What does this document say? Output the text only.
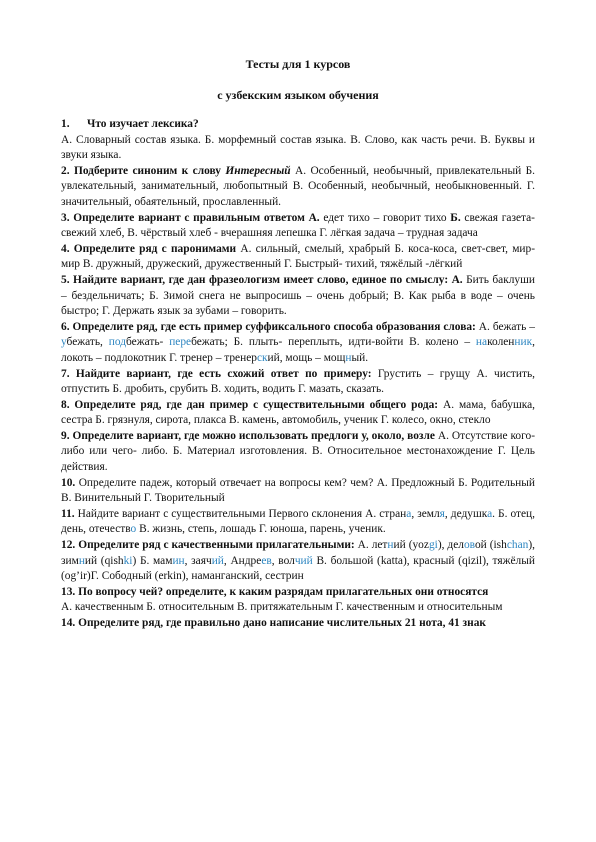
Тесты для 1 курсов
с узбекским языком обучения

1. Что изучает лексика?

А. Словарный состав языка. Б. морфемный состав языка. В. Слово, как часть речи. В. Буквы и звуки языка.

2. Подберите синоним к слову Интересный А. Особенный, необычный, привлекательный Б. увлекательный, занимательный, любопытный В. Особенный, необычный, необыкновенный. Г. значительный, обаятельный, прославленный.

3. Определите вариант с правильным ответом А. едет тихо – говорит тихо Б. свежая газета- свежий хлеб, В. чёрствый хлеб - вчерашняя лепешка Г. лёгкая задача – трудная задача

4. Определите ряд с паронимами А. сильный, смелый, храбрый Б. коса-коса, свет-свет, мир-мир В. дружный, дружеский, дружественный Г. Быстрый- тихий, тяжёлый -лёгкий

5. Найдите вариант, где дан фразеологизм имеет слово, единое по смыслу: А. Бить баклуши – бездельничать; Б. Зимой снега не выпросишь – очень добрый; В. Как рыба в воде – очень быстро; Г. Держать язык за зубами – говорить.

6. Определите ряд, где есть пример суффиксального способа образования слова: А. бежать – убежать, подбежать- перебежать; Б. плыть- переплыть, идти-войти В. колено – наколенник, локоть – подлокотник Г. тренер – тренерский, мощь – мощный.

7. Найдите вариант, где есть схожий ответ по примеру: Грустить – грущу А. чистить, отпустить Б. дробить, срубить В. ходить, водить Г. мазать, сказать.

8. Определите ряд, где дан пример с существительными общего рода: А. мама, бабушка, сестра Б. грязнуля, сирота, плакса В. камень, автомобиль, ученик Г. колесо, окно, стекло

9. Определите вариант, где можно использовать предлоги у, около, возле А. Отсутствие кого-либо или чего- либо. Б. Материал изготовления. В. Относительное местонахождение Г. Цель действия.

10. Определите падеж, который отвечает на вопросы кем? чем? А. Предложный Б. Родительный В. Винительный Г. Творительный

11. Найдите вариант с существительными Первого склонения А. страна, земля, дедушка. Б. отец, день, отечество В. жизнь, степь, лошадь Г. юноша, парень, ученик.

12. Определите ряд с качественными прилагательными: А. летний (yozgi), деловой (ishchan), зимний (qishki) Б. мамин, заячий, Андреев, волчий В. большой (katta), красный (qizil), тяжёлый (og’ir)Г. Сободный (erkin), наманганский, сестрин

13. По вопросу чей? определите, к каким разрядам прилагательных они относятся

А. качественным Б. относительным В. притяжательным Г. качественным и относительным

14. Определите ряд, где правильно дано написание числительных 21 нота, 41 знак
